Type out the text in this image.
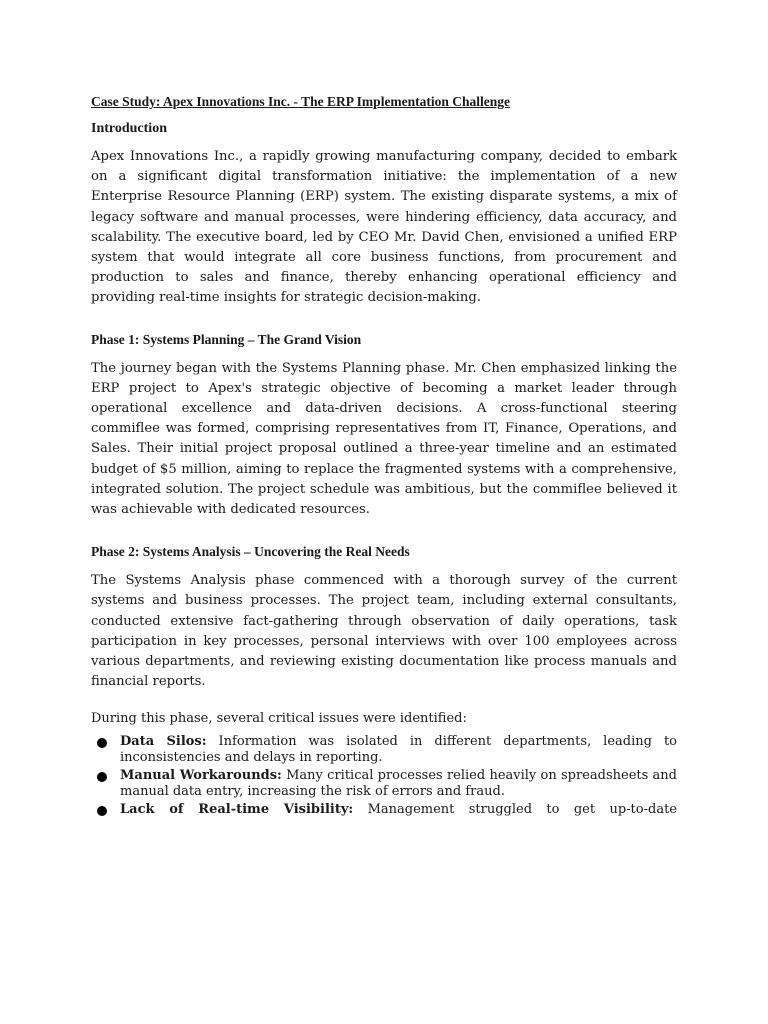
Case Study: Apex Innovations Inc. - The ERP Implementation Challenge
Introduction

Apex Innovations Inc., a rapidly growing manufacturing company, decided to embark on a significant digital transformation initiative: the implementation of a new Enterprise Resource Planning (ERP) system. The existing disparate systems, a mix of legacy software and manual processes, were hindering efficiency, data accuracy, and scalability. The executive board, led by CEO Mr. David Chen, envisioned a unified ERP system that would integrate all core business functions, from procurement and production to sales and finance, thereby enhancing operational efficiency and providing real-time insights for strategic decision-making.

Phase 1: Systems Planning – The Grand Vision

The journey began with the Systems Planning phase. Mr. Chen emphasized linking the ERP project to Apex's strategic objective of becoming a market leader through operational excellence and data-driven decisions. A cross-functional steering commiflee was formed, comprising representatives from IT, Finance, Operations, and Sales. Their initial project proposal outlined a three-year timeline and an estimated budget of $5 million, aiming to replace the fragmented systems with a comprehensive, integrated solution. The project schedule was ambitious, but the commiflee believed it was achievable with dedicated resources.

Phase 2: Systems Analysis – Uncovering the Real Needs

The Systems Analysis phase commenced with a thorough survey of the current systems and business processes. The project team, including external consultants, conducted extensive fact-gathering through observation of daily operations, task participation in key processes, personal interviews with over 100 employees across various departments, and reviewing existing documentation like process manuals and financial reports.

During this phase, several critical issues were identified:

Data Silos: Information was isolated in different departments, leading to inconsistencies and delays in reporting.
Manual Workarounds: Many critical processes relied heavily on spreadsheets and manual data entry, increasing the risk of errors and fraud.
Lack of Real-time Visibility: Management struggled to get up-to-date
